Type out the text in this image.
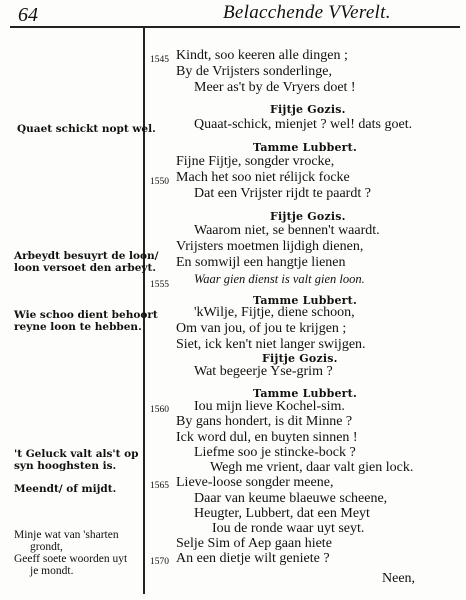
64	Belacchende VVerelt.
1545
1550
1555
1560
1565
1570
Kindt, soo keeren alle dingen ;
By de Vrijsters sonderlinge,
Meer as't by de Vryers doet !
Fijtje Gozis.
Quaat-schick, mienjet ? wel! dats goet.
Tamme Lubbert.
Fijne Fijtje, songder vrocke,
Mach het soo niet rélijck focke
Dat een Vrijster rijdt te paardt ?
Fijtje Gozis.
Waarom niet, se bennen't waardt.
Vrijsters moetmen lijdigh dienen,
En somwijl een hangtje lienen
Waar gien dienst is valt gien loon.
Tamme Lubbert.
'kWilje, Fijtje, diene schoon,
Om van jou, of jou te krijgen ;
Siet, ick ken't niet langer swijgen.
Fijtje Gozis.
Wat begeerje Yse-grim ?
Tamme Lubbert.
Iou mijn lieve Kochel-sim.
By gans hondert, is dit Minne ?
Ick word dul, en buyten sinnen !
Liefme soo je stincke-bock ?
Wegh me vrient, daar valt gien lock.
Lieve-loose songder meene,
Daar van keume blaeuwe scheene,
Heugter, Lubbert, dat een Meyt
Iou de ronde waar uyt seyt.
Selje Sim of Aep gaan hiete
An een dietje wilt geniete ?
Neen,
Quaet schickt nopt wel.
Arbeydt besuyrt de loon/
loon versoet den arbeyt.
Wie schoo dient behoort
reyne loon te hebben.
't Geluck valt als't op
syn hooghsten is.
Meendt/ of mijdt.
Minje wat van 'sharten
grondt,
Geeff soete woorden uyt
je mondt.
